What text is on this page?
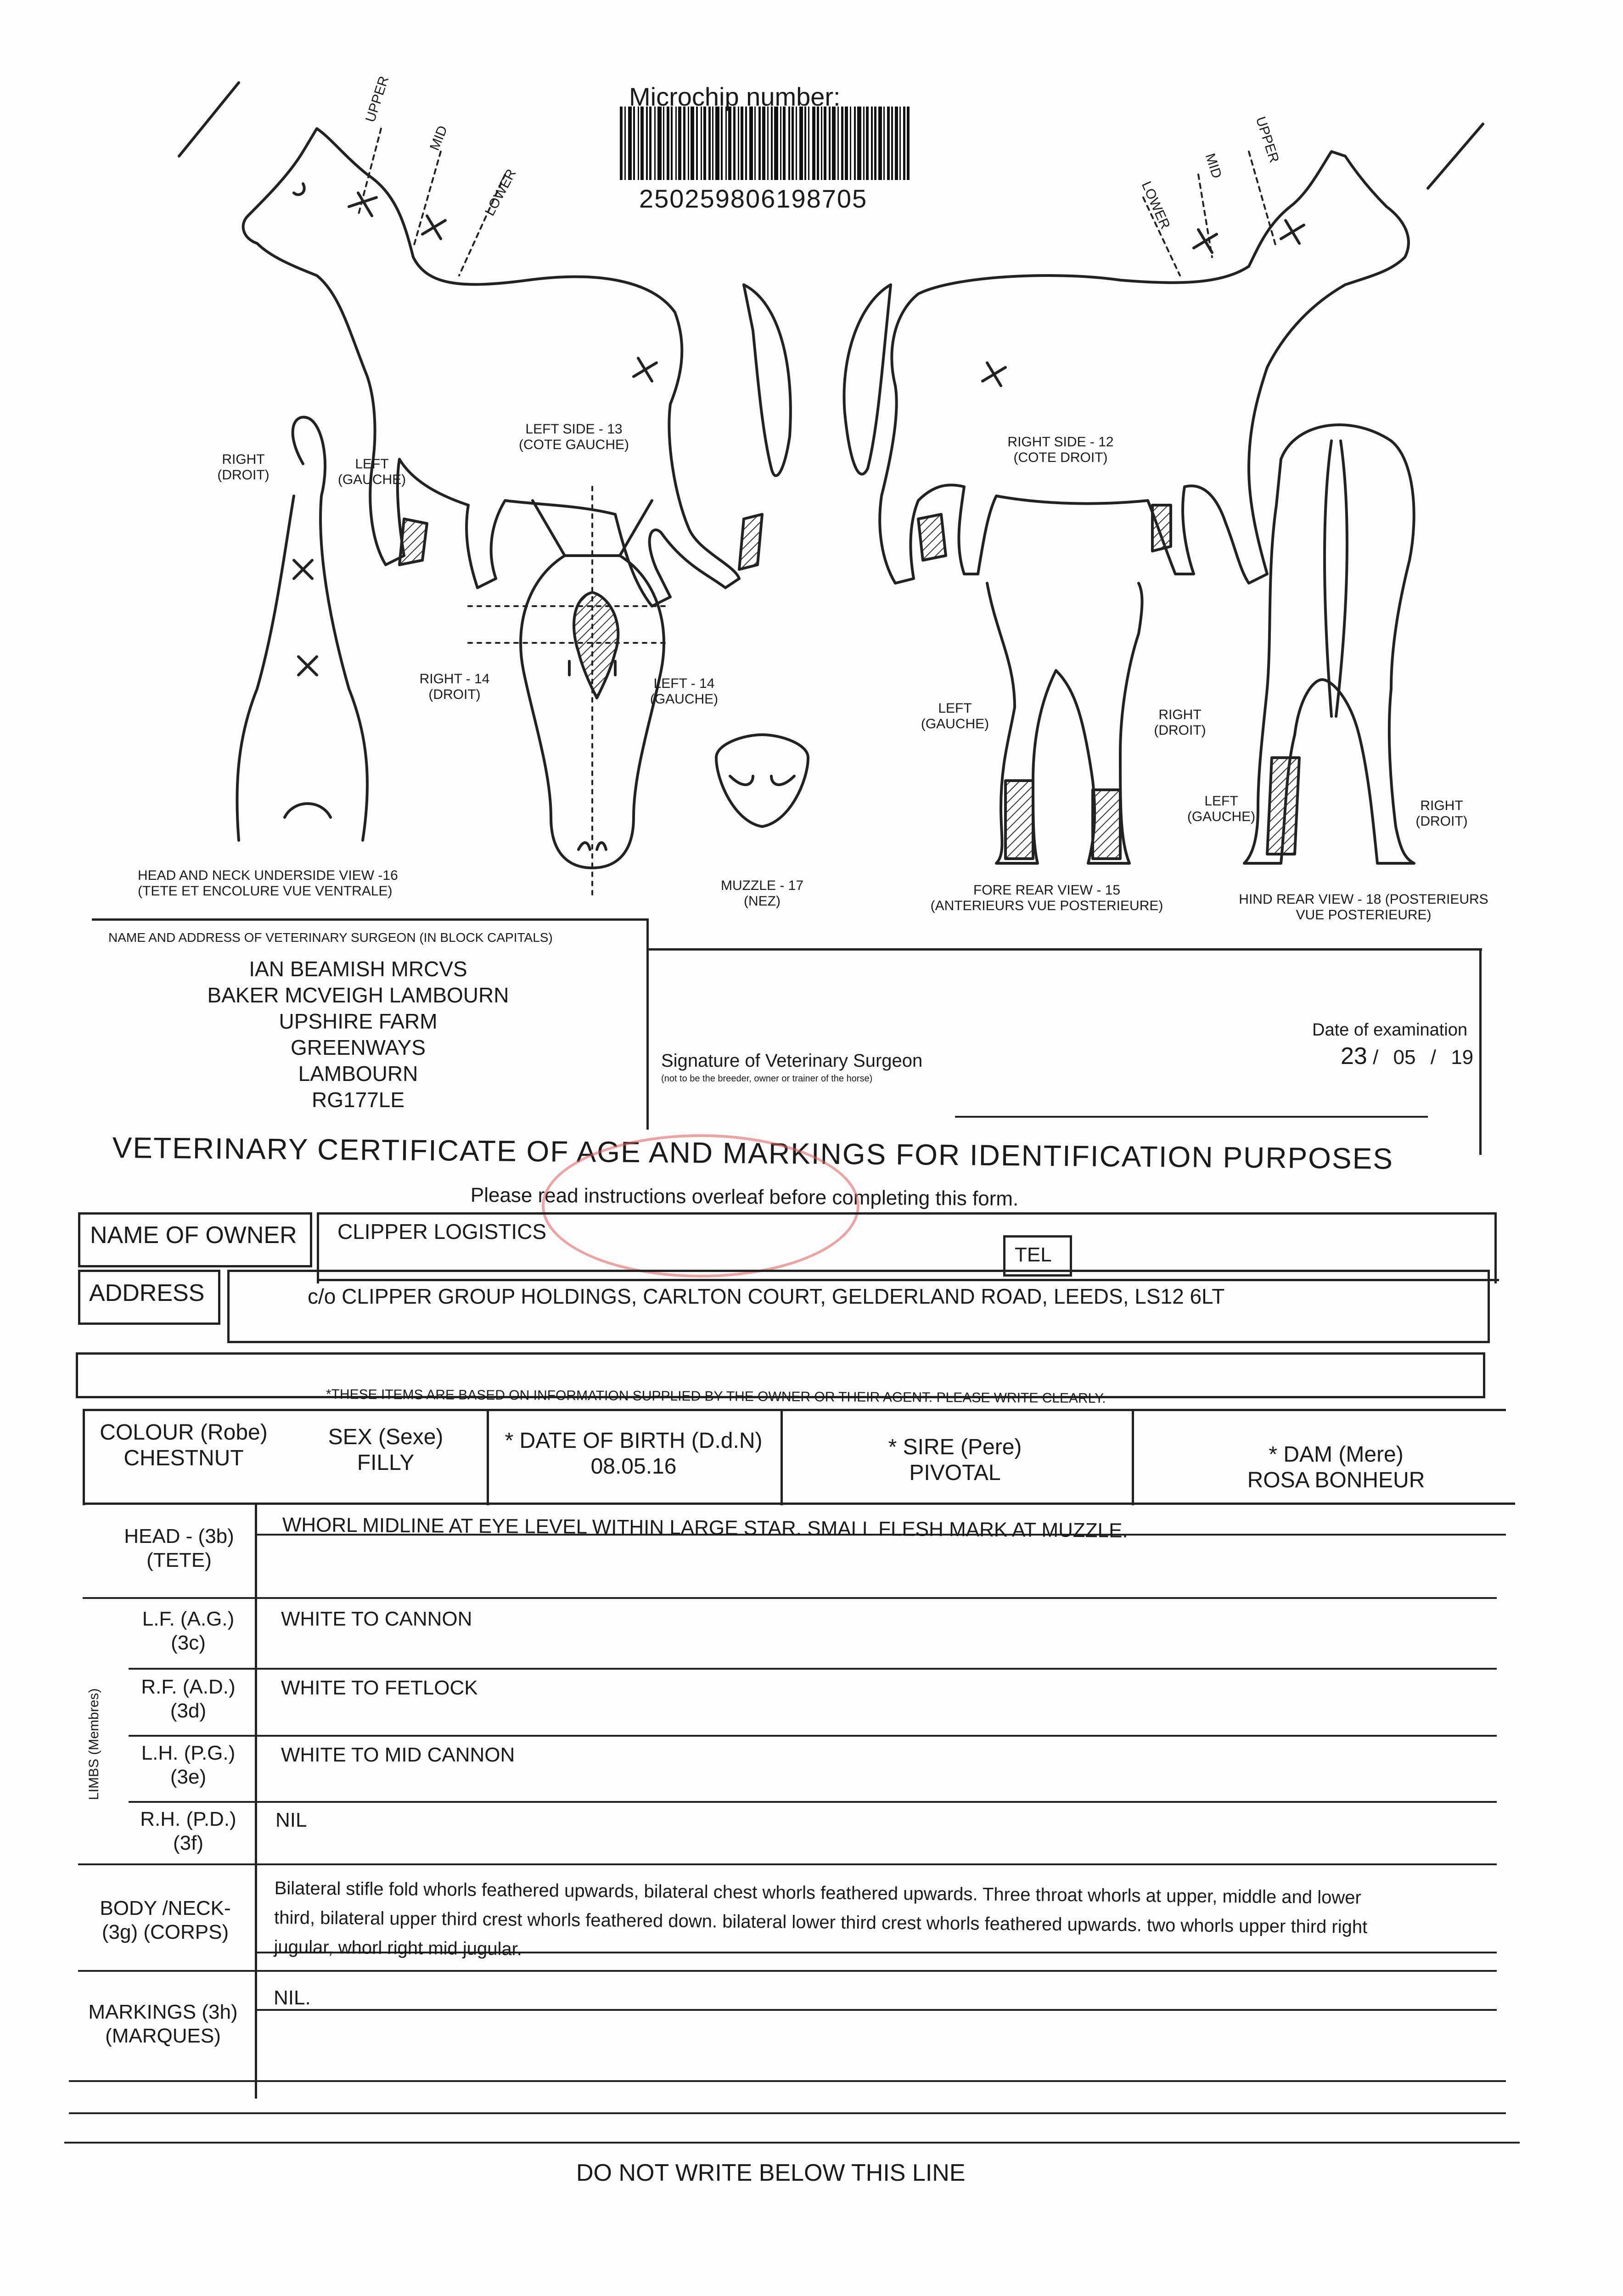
Microchip number:
250259806198705
UPPER
MID
LOWER
UPPER
MID
LOWER
LEFT SIDE - 13
(COTE GAUCHE)	RIGHT SIDE - 12
(COTE DROIT)
RIGHT
(DROIT)
LEFT
(GAUCHE)
HEAD AND NECK UNDERSIDE VIEW -16
(TETE ET ENCOLURE VUE VENTRALE)
RIGHT - 14
(DROIT)
LEFT - 14
(GAUCHE)
MUZZLE - 17
(NEZ)
LEFT
(GAUCHE)
RIGHT
(DROIT)
FORE REAR VIEW - 15
(ANTERIEURS VUE POSTERIEURE)
LEFT
(GAUCHE)
RIGHT
(DROIT)
HIND REAR VIEW - 18 (POSTERIEURS
VUE POSTERIEURE)
NAME AND ADDRESS OF VETERINARY SURGEON (IN BLOCK CAPITALS)
IAN BEAMISH MRCVS
BAKER MCVEIGH LAMBOURN
UPSHIRE FARM
GREENWAYS
LAMBOURN
RG177LE
Signature of Veterinary Surgeon
(not to be the breeder, owner or trainer of the horse)
Date of examination
23 / 05 / 19
VETERINARY CERTIFICATE OF AGE AND MARKINGS FOR IDENTIFICATION PURPOSES
Please read instructions overleaf before completing this form.
NAME OF OWNER CLIPPER LOGISTICS
TEL
ADDRESS	c/o CLIPPER GROUP HOLDINGS, CARLTON COURT, GELDERLAND ROAD, LEEDS, LS12 6LT
*THESE ITEMS ARE BASED ON INFORMATION SUPPLIED BY THE OWNER OR THEIR AGENT. PLEASE WRITE CLEARLY.
COLOUR (Robe)
CHESTNUT
SEX (Sexe)
FILLY
* DATE OF BIRTH (D.d.N)
08.05.16
* SIRE (Pere)
PIVOTAL
* DAM (Mere)
ROSA BONHEUR
HEAD - (3b)
(TETE)
WHORL MIDLINE AT EYE LEVEL WITHIN LARGE STAR. SMALL FLESH MARK AT MUZZLE.
LIMBS (Membres)
L.F. (A.G.)
(3c)
WHITE TO CANNON
R.F. (A.D.)
(3d)
WHITE TO FETLOCK
L.H. (P.G.)
(3e)
WHITE TO MID CANNON
R.H. (P.D.)
(3f)
NIL
BODY /NECK-
(3g) (CORPS)
Bilateral stifle fold whorls feathered upwards, bilateral chest whorls feathered upwards. Three throat whorls at upper, middle and lower
third, bilateral upper third crest whorls feathered down. bilateral lower third crest whorls feathered upwards. two whorls upper third right
jugular, whorl right mid jugular.
MARKINGS (3h)
(MARQUES)
NIL.
DO NOT WRITE BELOW THIS LINE
